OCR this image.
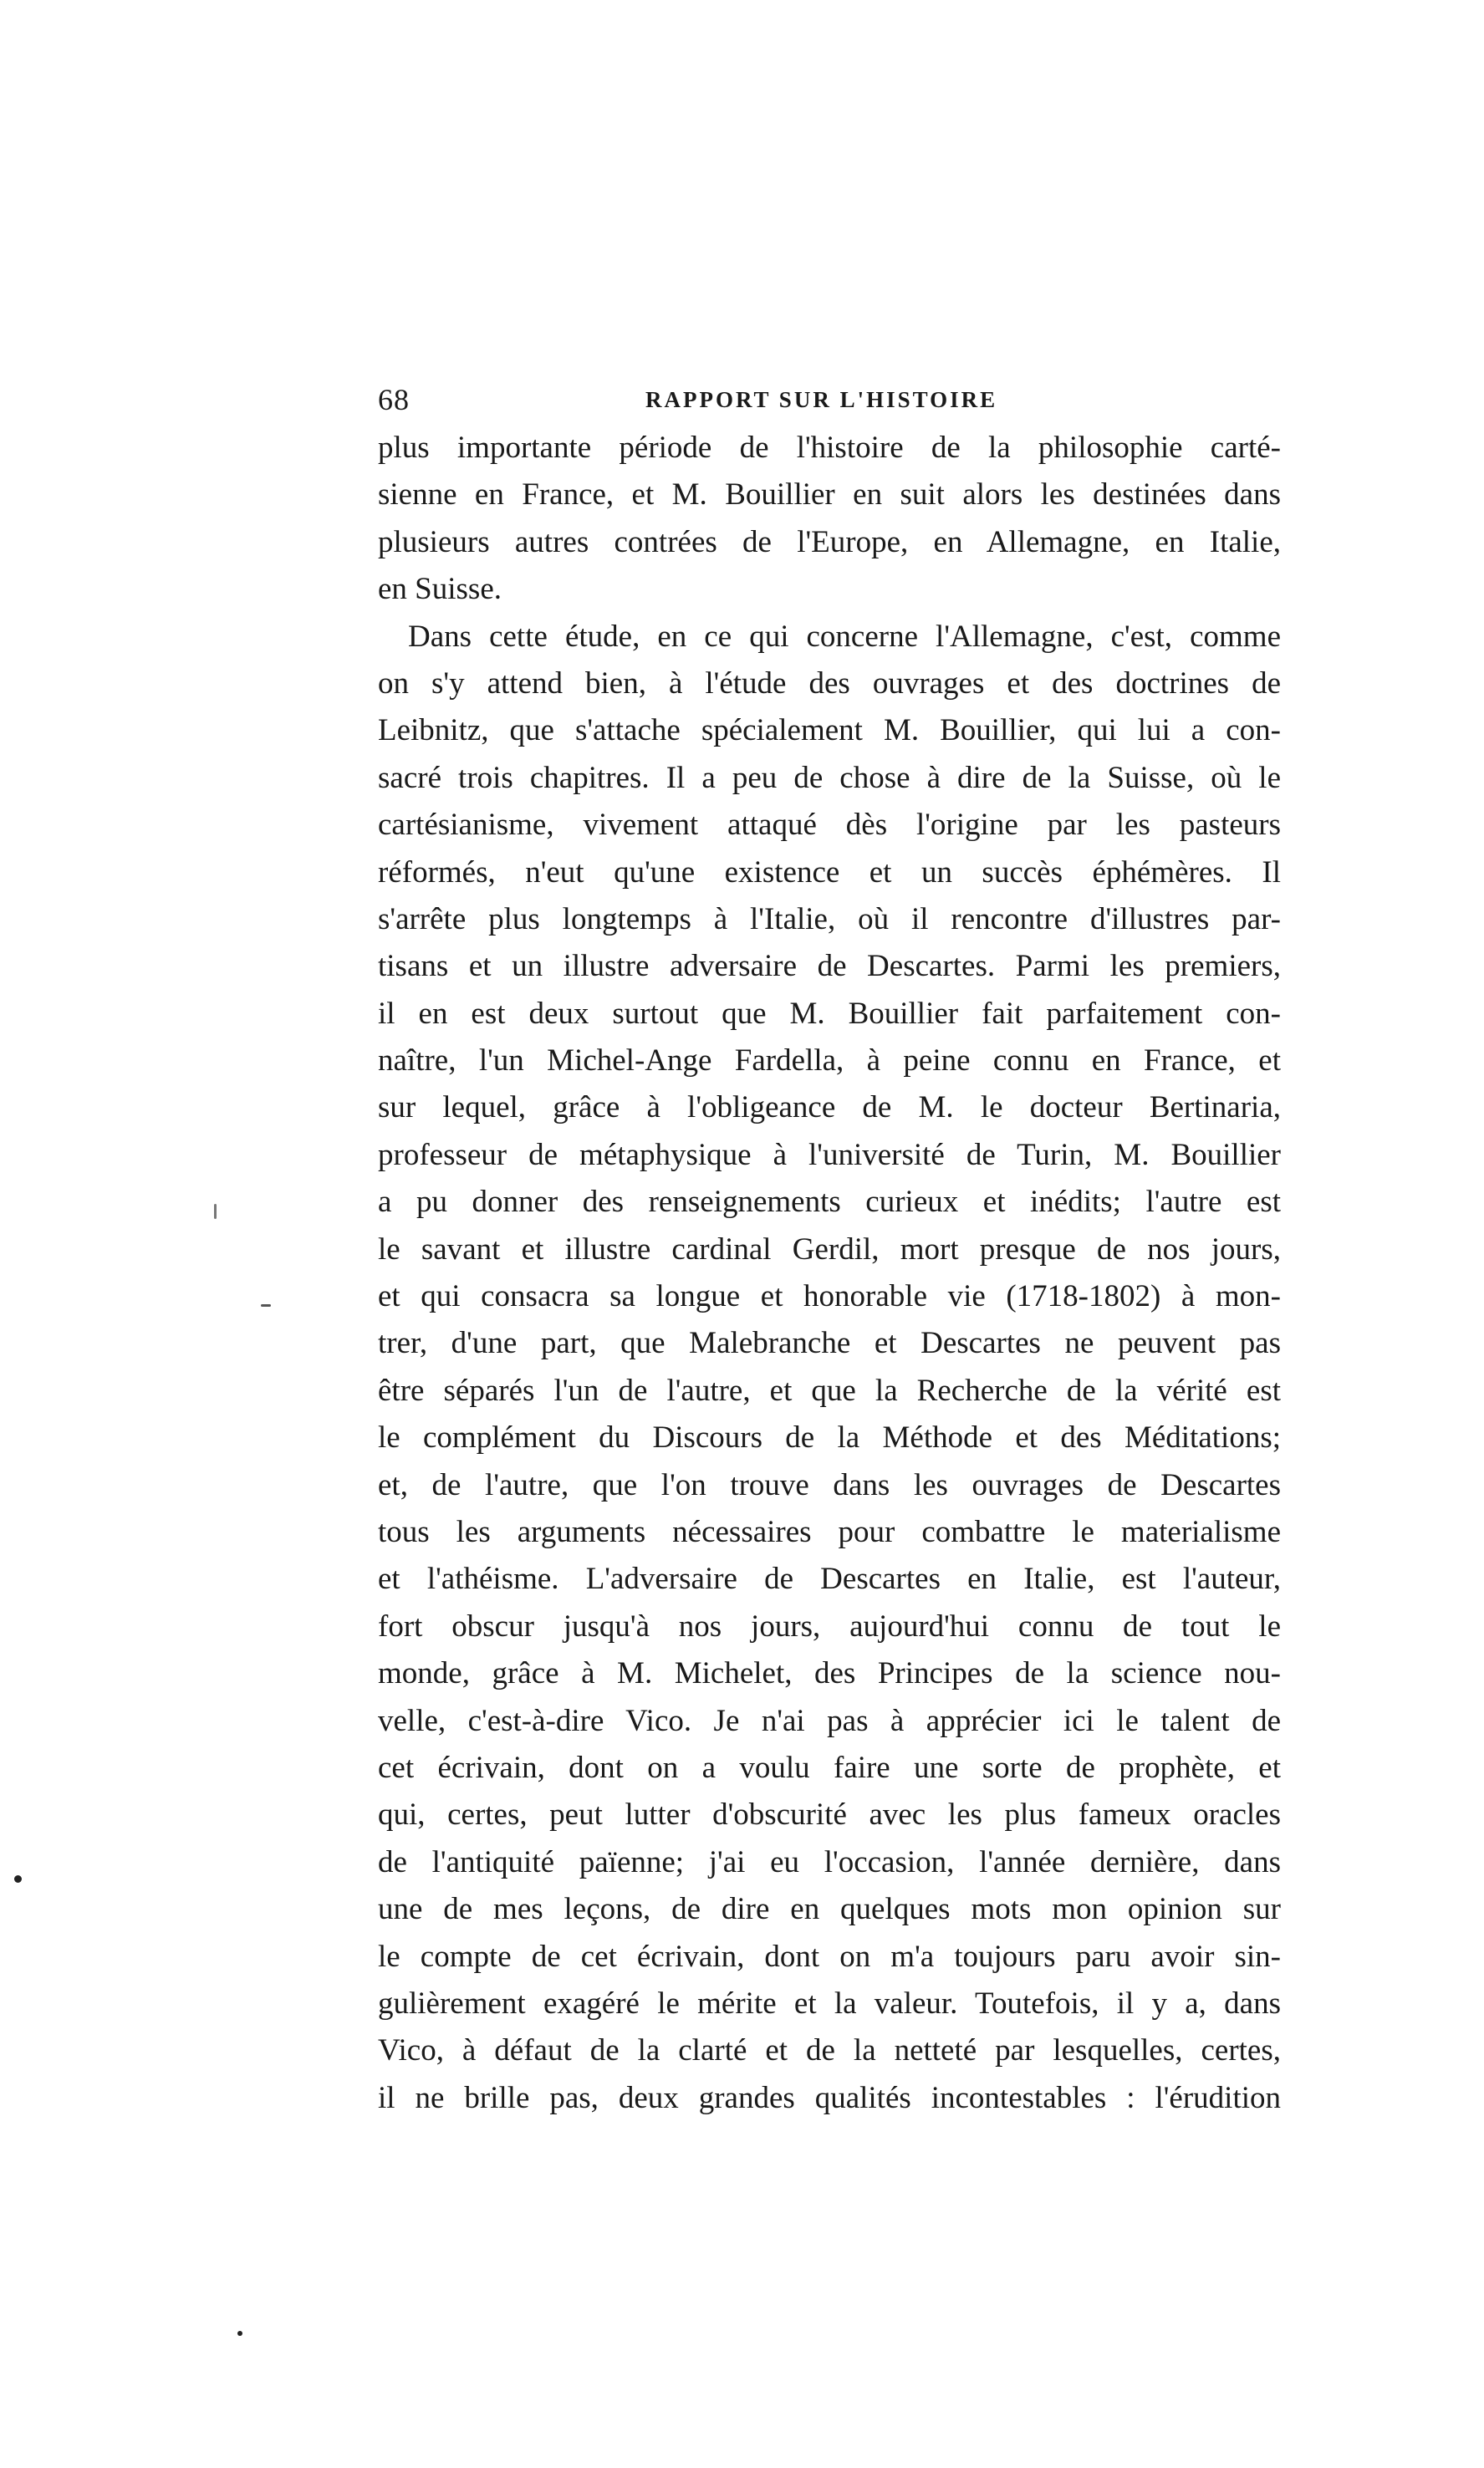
68	RAPPORT SUR L'HISTOIRE
plus importante période de l'histoire de la philosophie carté-
sienne en France, et M. Bouillier en suit alors les destinées dans
plusieurs autres contrées de l'Europe, en Allemagne, en Italie,
en Suisse.
Dans cette étude, en ce qui concerne l'Allemagne, c'est, comme
on s'y attend bien, à l'étude des ouvrages et des doctrines de
Leibnitz, que s'attache spécialement M. Bouillier, qui lui a con-
sacré trois chapitres. Il a peu de chose à dire de la Suisse, où le
cartésianisme, vivement attaqué dès l'origine par les pasteurs
réformés, n'eut qu'une existence et un succès éphémères. Il
s'arrête plus longtemps à l'Italie, où il rencontre d'illustres par-
tisans et un illustre adversaire de Descartes. Parmi les premiers,
il en est deux surtout que M. Bouillier fait parfaitement con-
naître, l'un Michel-Ange Fardella, à peine connu en France, et
sur lequel, grâce à l'obligeance de M. le docteur Bertinaria,
professeur de métaphysique à l'université de Turin, M. Bouillier
a pu donner des renseignements curieux et inédits; l'autre est
le savant et illustre cardinal Gerdil, mort presque de nos jours,
et qui consacra sa longue et honorable vie (1718-1802) à mon-
trer, d'une part, que Malebranche et Descartes ne peuvent pas
être séparés l'un de l'autre, et que la Recherche de la vérité est
le complément du Discours de la Méthode et des Méditations;
et, de l'autre, que l'on trouve dans les ouvrages de Descartes
tous les arguments nécessaires pour combattre le materialisme
et l'athéisme. L'adversaire de Descartes en Italie, est l'auteur,
fort obscur jusqu'à nos jours, aujourd'hui connu de tout le
monde, grâce à M. Michelet, des Principes de la science nou-
velle, c'est-à-dire Vico. Je n'ai pas à apprécier ici le talent de
cet écrivain, dont on a voulu faire une sorte de prophète, et
qui, certes, peut lutter d'obscurité avec les plus fameux oracles
de l'antiquité païenne; j'ai eu l'occasion, l'année dernière, dans
une de mes leçons, de dire en quelques mots mon opinion sur
le compte de cet écrivain, dont on m'a toujours paru avoir sin-
gulièrement exagéré le mérite et la valeur. Toutefois, il y a, dans
Vico, à défaut de la clarté et de la netteté par lesquelles, certes,
il ne brille pas, deux grandes qualités incontestables : l'érudition
